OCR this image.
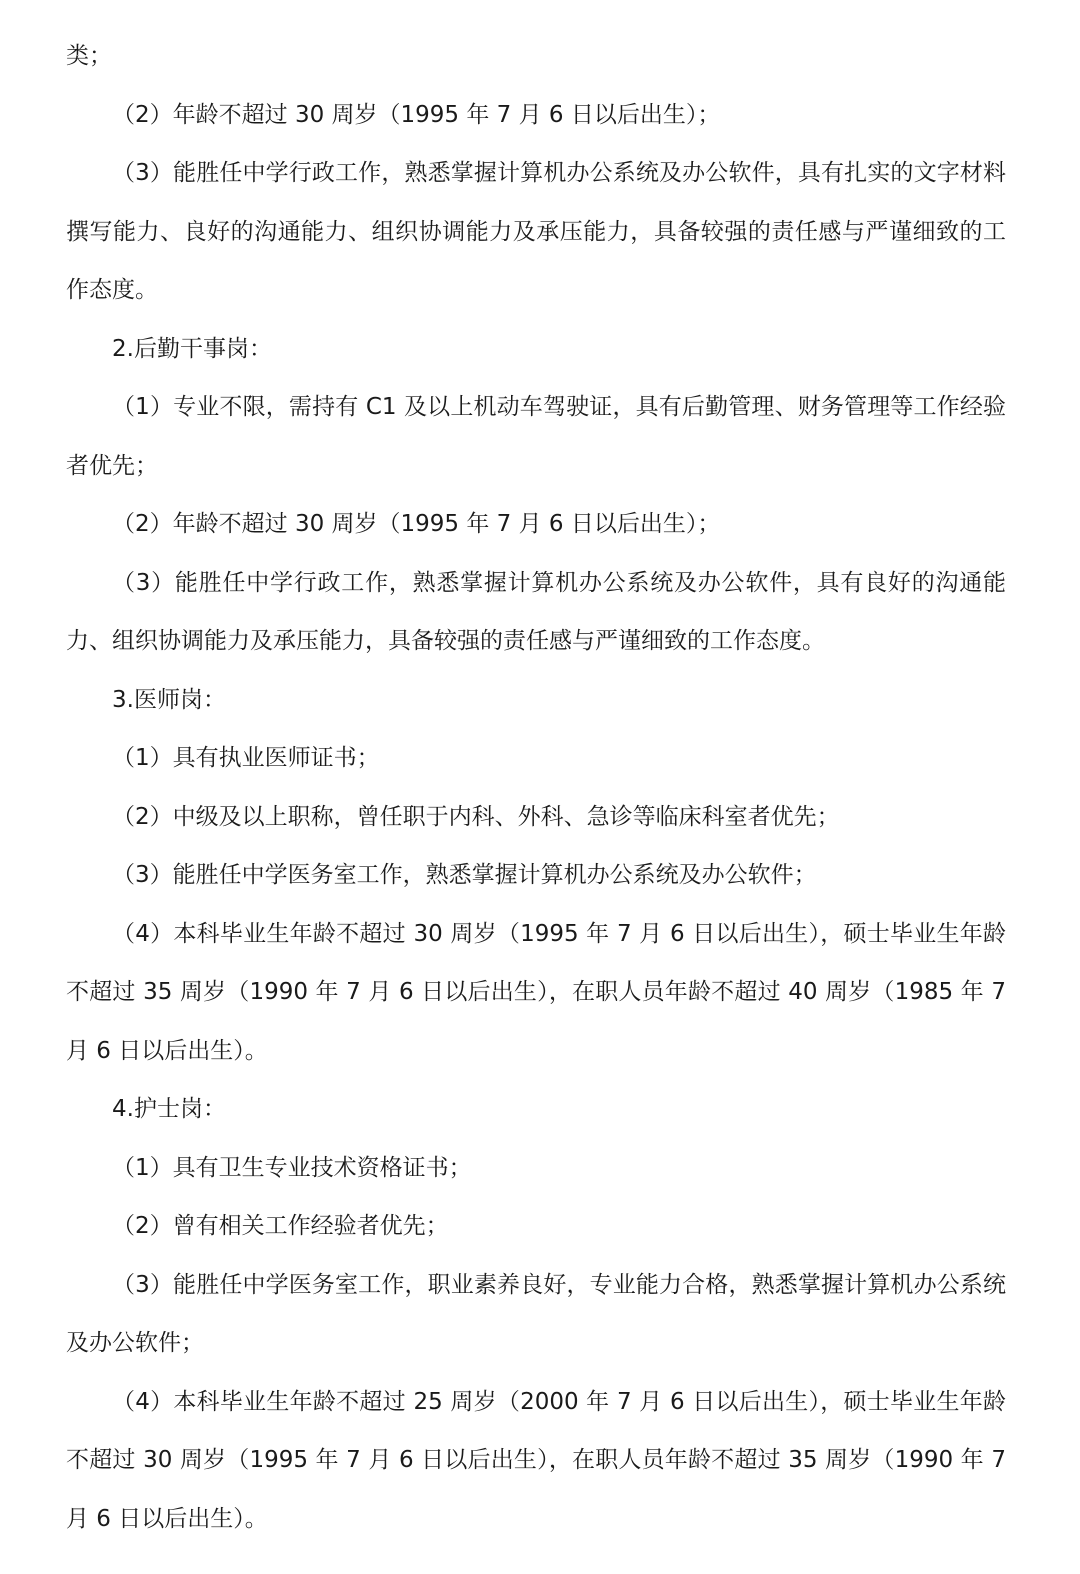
类；

（2）年龄不超过 30 周岁（1995 年 7 月 6 日以后出生）；

（3）能胜任中学行政工作，熟悉掌握计算机办公系统及办公软件，具有扎实的文字材料撰写能力、良好的沟通能力、组织协调能力及承压能力，具备较强的责任感与严谨细致的工作态度。

2.后勤干事岗：

（1）专业不限，需持有 C1 及以上机动车驾驶证，具有后勤管理、财务管理等工作经验者优先；

（2）年龄不超过 30 周岁（1995 年 7 月 6 日以后出生）；

（3）能胜任中学行政工作，熟悉掌握计算机办公系统及办公软件，具有良好的沟通能力、组织协调能力及承压能力，具备较强的责任感与严谨细致的工作态度。

3.医师岗：

（1）具有执业医师证书；

（2）中级及以上职称，曾任职于内科、外科、急诊等临床科室者优先；

（3）能胜任中学医务室工作，熟悉掌握计算机办公系统及办公软件；

（4）本科毕业生年龄不超过 30 周岁（1995 年 7 月 6 日以后出生），硕士毕业生年龄不超过 35 周岁（1990 年 7 月 6 日以后出生），在职人员年龄不超过 40 周岁（1985 年 7 月 6 日以后出生）。

4.护士岗：

（1）具有卫生专业技术资格证书；

（2）曾有相关工作经验者优先；

（3）能胜任中学医务室工作，职业素养良好，专业能力合格，熟悉掌握计算机办公系统及办公软件；

（4）本科毕业生年龄不超过 25 周岁（2000 年 7 月 6 日以后出生），硕士毕业生年龄不超过 30 周岁（1995 年 7 月 6 日以后出生），在职人员年龄不超过 35 周岁（1990 年 7 月 6 日以后出生）。
